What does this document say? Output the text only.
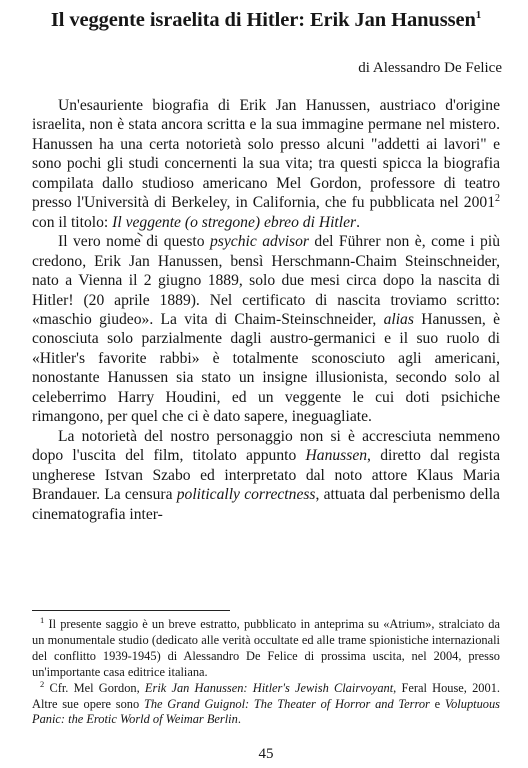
Il veggente israelita di Hitler: Erik Jan Hanussen$^1$
di Alessandro De Felice

Un'esauriente biografia di Erik Jan Hanussen, austriaco d'origine israelita, non è stata ancora scritta e la sua immagine permane nel mistero. Hanussen ha una certa notorietà solo presso alcuni "addetti ai lavori" e sono pochi gli studi concernenti la sua vita; tra questi spicca la biografia compilata dallo studioso americano Mel Gordon, professore di teatro presso l'Università di Berkeley, in California, che fu pubblicata nel 2001$^2$ con il titolo: Il veggente (o stregone) ebreo di Hitler.

Il vero nome di questo psychic advisor del Führer non è, come i più credono, Erik Jan Hanussen, bensì Herschmann-Chaim Steinschneider, nato a Vienna il 2 giugno 1889, solo due mesi circa dopo la nascita di Hitler! (20 aprile 1889). Nel certificato di nascita troviamo scritto: «maschio giudeo». La vita di Chaim-Steinschneider, alias Hanussen, è conosciuta solo parzialmente dagli austro-germanici e il suo ruolo di «Hitler's favorite rabbi» è totalmente sconosciuto agli americani, nonostante Hanussen sia stato un insigne illusionista, secondo solo al celeberrimo Harry Houdini, ed un veggente le cui doti psichiche rimangono, per quel che ci è dato sapere, ineguagliate.

La notorietà del nostro personaggio non si è accresciuta nemmeno dopo l'uscita del film, titolato appunto Hanussen, diretto dal regista ungherese Istvan Szabo ed interpretato dal noto attore Klaus Maria Brandauer. La censura politically correctness, attuata dal perbenismo della cinematografia inter-

$^1$ Il presente saggio è un breve estratto, pubblicato in anteprima su «Atrium», stralciato da un monumentale studio (dedicato alle verità occultate ed alle trame spionistiche internazionali del conflitto 1939-1945) di Alessandro De Felice di prossima uscita, nel 2004, presso un'importante casa editrice italiana.

$^2$ Cfr. Mel Gordon, Erik Jan Hanussen: Hitler's Jewish Clairvoyant, Feral House, 2001. Altre sue opere sono The Grand Guignol: The Theater of Horror and Terror e Voluptuous Panic: the Erotic World of Weimar Berlin.

45
